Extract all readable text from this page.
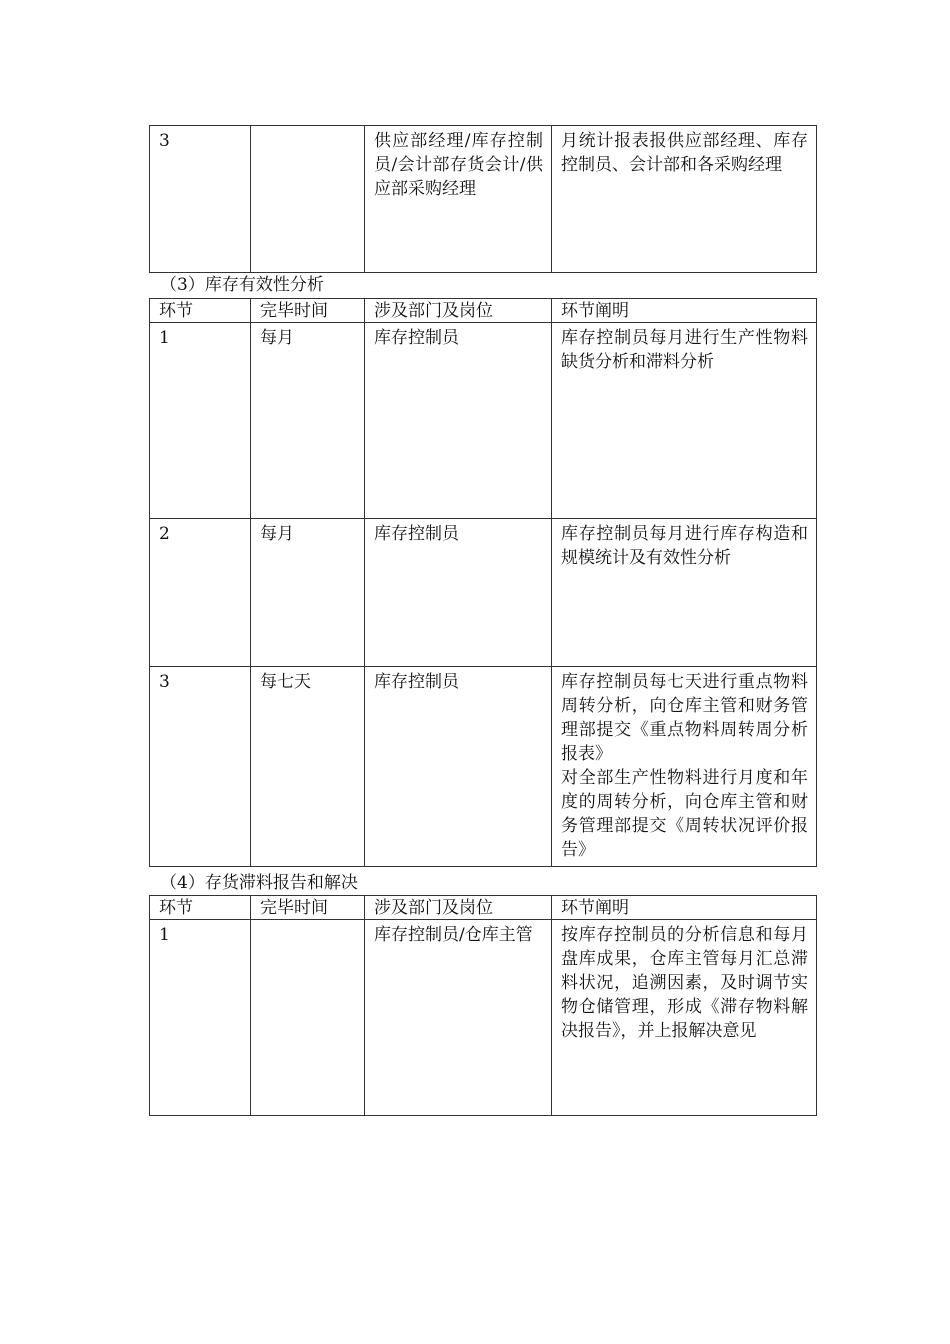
3		供应部经理/库存控制员/会计部存货会计/供应部采购经理	月统计报表报供应部经理、库存控制员、会计部和各采购经理
（3）库存有效性分析
环节	完毕时间	涉及部门及岗位	环节阐明
1	每月	库存控制员	库存控制员每月进行生产性物料缺货分析和滞料分析
2	每月	库存控制员	库存控制员每月进行库存构造和规模统计及有效性分析
3	每七天	库存控制员	库存控制员每七天进行重点物料周转分析，向仓库主管和财务管理部提交《重点物料周转周分析报表》
对全部生产性物料进行月度和年度的周转分析，向仓库主管和财务管理部提交《周转状况评价报告》
（4）存货滞料报告和解决
环节	完毕时间	涉及部门及岗位	环节阐明
1		库存控制员/仓库主管	按库存控制员的分析信息和每月盘库成果，仓库主管每月汇总滞料状况，追溯因素，及时调节实物仓储管理，形成《滞存物料解决报告》，并上报解决意见
